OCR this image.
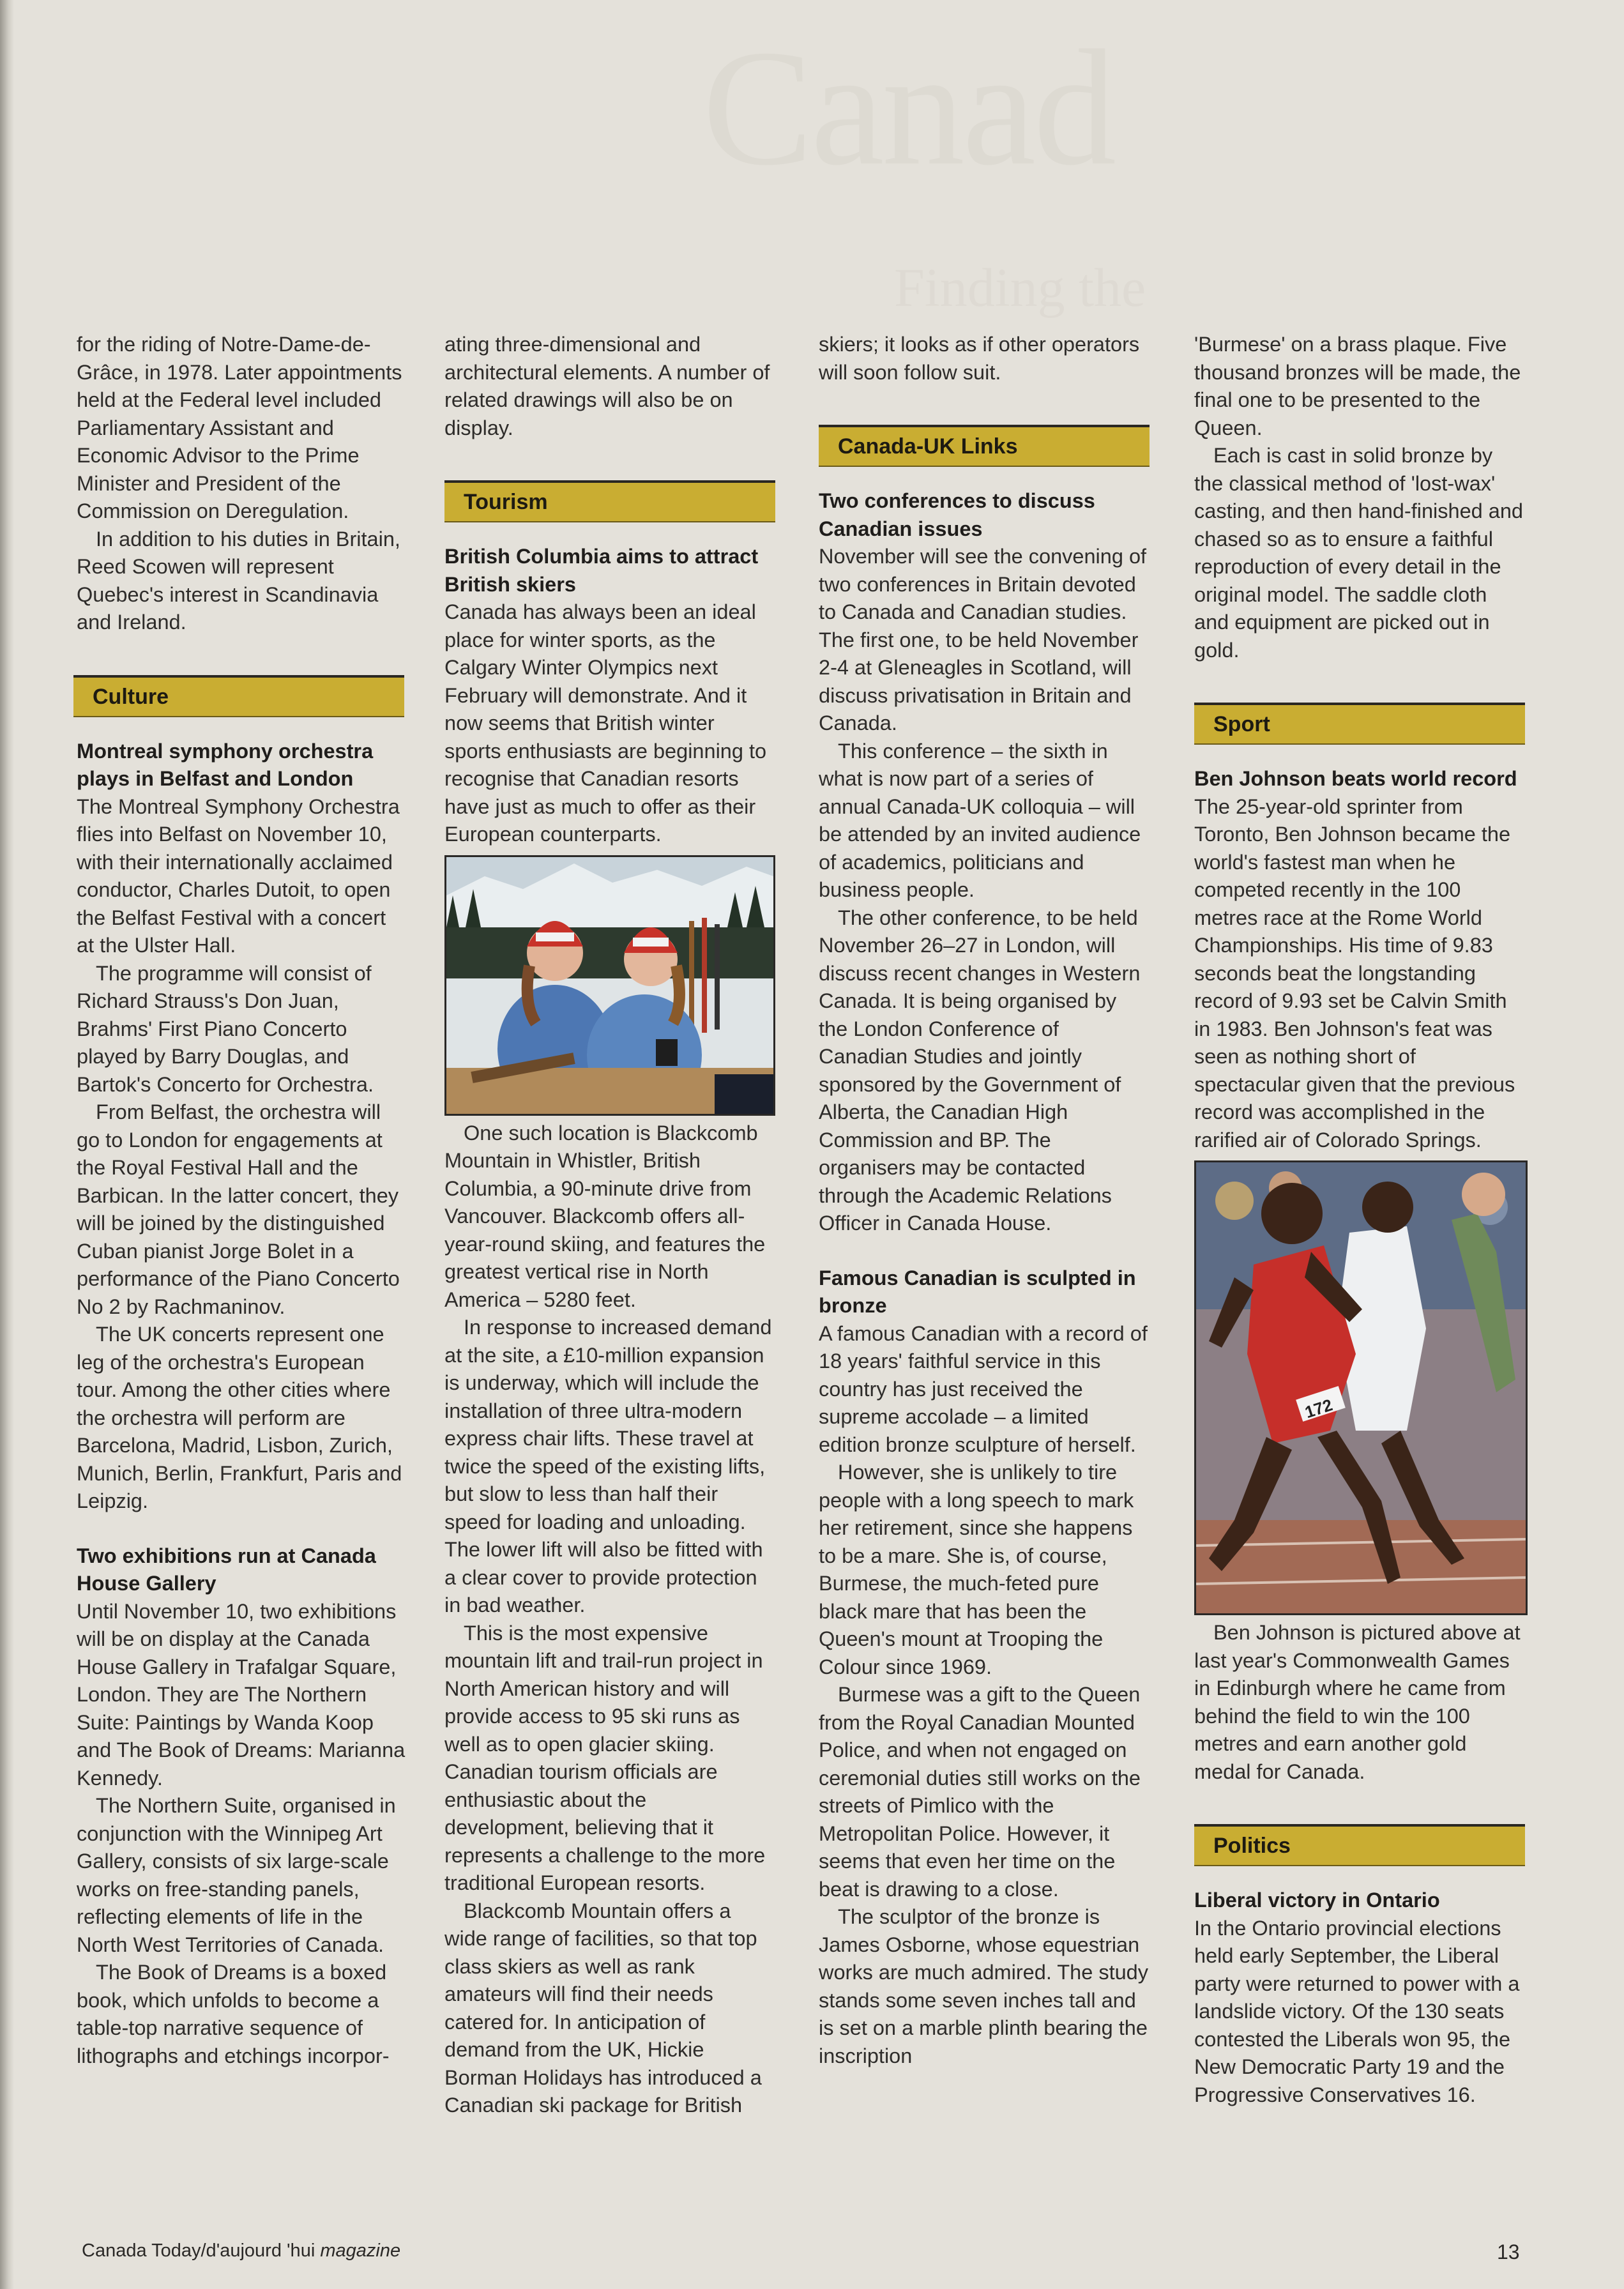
Canad
Finding the

for the riding of Notre-Dame-de-Grâce, in 1978. Later appointments held at the Federal level included Parliamentary Assistant and Economic Advisor to the Prime Minister and President of the Commission on Deregulation.

In addition to his duties in Britain, Reed Scowen will represent Quebec's interest in Scandinavia and Ireland.

Culture

Montreal symphony orchestra plays in Belfast and London

The Montreal Symphony Orchestra flies into Belfast on November 10, with their internationally acclaimed conductor, Charles Dutoit, to open the Belfast Festival with a concert at the Ulster Hall.

The programme will consist of Richard Strauss's Don Juan, Brahms' First Piano Concerto played by Barry Douglas, and Bartok's Concerto for Orchestra.

From Belfast, the orchestra will go to London for engagements at the Royal Festival Hall and the Barbican. In the latter concert, they will be joined by the distinguished Cuban pianist Jorge Bolet in a performance of the Piano Concerto No 2 by Rachmaninov.

The UK concerts represent one leg of the orchestra's European tour. Among the other cities where the orchestra will perform are Barcelona, Madrid, Lisbon, Zurich, Munich, Berlin, Frankfurt, Paris and Leipzig.

Two exhibitions run at Canada House Gallery

Until November 10, two exhibitions will be on display at the Canada House Gallery in Trafalgar Square, London. They are The Northern Suite: Paintings by Wanda Koop and The Book of Dreams: Marianna Kennedy.

The Northern Suite, organised in conjunction with the Winnipeg Art Gallery, consists of six large-scale works on free-standing panels, reflecting elements of life in the North West Territories of Canada.

The Book of Dreams is a boxed book, which unfolds to become a table-top narrative sequence of lithographs and etchings incorpor-

ating three-dimensional and architectural elements. A number of related drawings will also be on display.

Tourism

British Columbia aims to attract British skiers

Canada has always been an ideal place for winter sports, as the Calgary Winter Olympics next February will demonstrate. And it now seems that British winter sports enthusiasts are beginning to recognise that Canadian resorts have just as much to offer as their European counterparts.

One such location is Blackcomb Mountain in Whistler, British Columbia, a 90-minute drive from Vancouver. Blackcomb offers all-year-round skiing, and features the greatest vertical rise in North America – 5280 feet.

In response to increased demand at the site, a £10-million expansion is underway, which will include the installation of three ultra-modern express chair lifts. These travel at twice the speed of the existing lifts, but slow to less than half their speed for loading and unloading. The lower lift will also be fitted with a clear cover to provide protection in bad weather.

This is the most expensive mountain lift and trail-run project in North American history and will provide access to 95 ski runs as well as to open glacier skiing. Canadian tourism officials are enthusiastic about the development, believing that it represents a challenge to the more traditional European resorts.

Blackcomb Mountain offers a wide range of facilities, so that top class skiers as well as rank amateurs will find their needs catered for. In anticipation of demand from the UK, Hickie Borman Holidays has introduced a Canadian ski package for British

skiers; it looks as if other operators will soon follow suit.

Canada-UK Links

Two conferences to discuss Canadian issues

November will see the convening of two conferences in Britain devoted to Canada and Canadian studies. The first one, to be held November 2-4 at Gleneagles in Scotland, will discuss privatisation in Britain and Canada.

This conference – the sixth in what is now part of a series of annual Canada-UK colloquia – will be attended by an invited audience of academics, politicians and business people.

The other conference, to be held November 26–27 in London, will discuss recent changes in Western Canada. It is being organised by the London Conference of Canadian Studies and jointly sponsored by the Government of Alberta, the Canadian High Commission and BP. The organisers may be contacted through the Academic Relations Officer in Canada House.

Famous Canadian is sculpted in bronze

A famous Canadian with a record of 18 years' faithful service in this country has just received the supreme accolade – a limited edition bronze sculpture of herself.

However, she is unlikely to tire people with a long speech to mark her retirement, since she happens to be a mare. She is, of course, Burmese, the much-feted pure black mare that has been the Queen's mount at Trooping the Colour since 1969.

Burmese was a gift to the Queen from the Royal Canadian Mounted Police, and when not engaged on ceremonial duties still works on the streets of Pimlico with the Metropolitan Police. However, it seems that even her time on the beat is drawing to a close.

The sculptor of the bronze is James Osborne, whose equestrian works are much admired. The study stands some seven inches tall and is set on a marble plinth bearing the inscription

'Burmese' on a brass plaque. Five thousand bronzes will be made, the final one to be presented to the Queen.

Each is cast in solid bronze by the classical method of 'lost-wax' casting, and then hand-finished and chased so as to ensure a faithful reproduction of every detail in the original model. The saddle cloth and equipment are picked out in gold.

Sport

Ben Johnson beats world record

The 25-year-old sprinter from Toronto, Ben Johnson became the world's fastest man when he competed recently in the 100 metres race at the Rome World Championships. His time of 9.83 seconds beat the longstanding record of 9.93 set be Calvin Smith in 1983. Ben Johnson's feat was seen as nothing short of spectacular given that the previous record was accomplished in the rarified air of Colorado Springs.

172

Ben Johnson is pictured above at last year's Commonwealth Games in Edinburgh where he came from behind the field to win the 100 metres and earn another gold medal for Canada.

Politics

Liberal victory in Ontario

In the Ontario provincial elections held early September, the Liberal party were returned to power with a landslide victory. Of the 130 seats contested the Liberals won 95, the New Democratic Party 19 and the Progressive Conservatives 16.

Canada Today/d'aujourd 'hui magazine	13
